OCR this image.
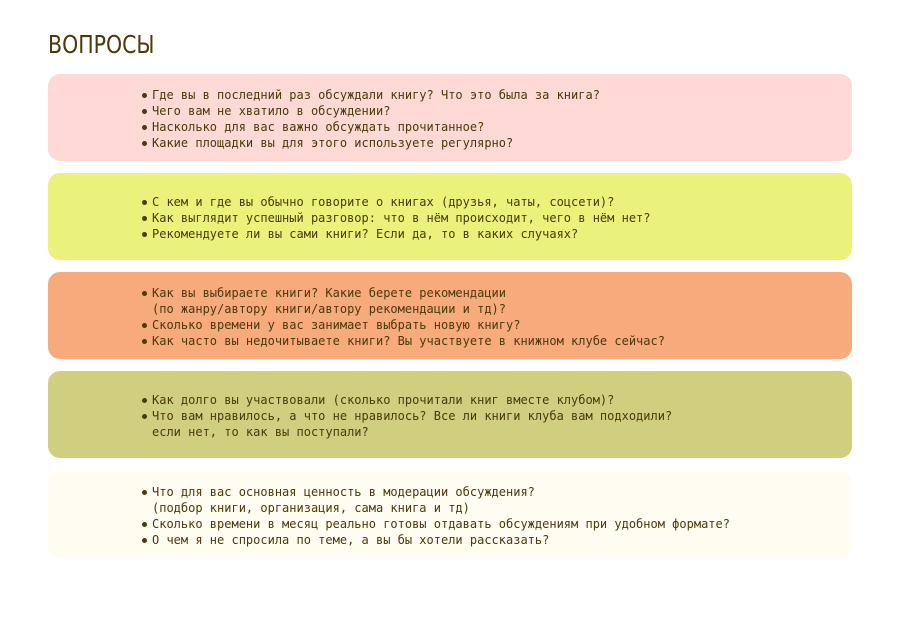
ВОПРОСЫ
Где вы в последний раз обсуждали книгу? Что это была за книга?
Чего вам не хватило в обсуждении?
Насколько для вас важно обсуждать прочитанное?
Какие площадки вы для этого используете регулярно?
С кем и где вы обычно говорите о книгах (друзья, чаты, соцсети)?
Как выглядит успешный разговор: что в нём происходит, чего в нём нет?
Рекомендуете ли вы сами книги? Если да, то в каких случаях?
Как вы выбираете книги? Какие берете рекомендации
(по жанру/автору книги/автору рекомендации и тд)?
Сколько времени у вас занимает выбрать новую книгу?
Как часто вы недочитываете книги? Вы участвуете в книжном клубе сейчас?
Как долго вы участвовали (сколько прочитали книг вместе клубом)?
Что вам нравилось, а что не нравилось? Все ли книги клуба вам подходили?
если нет, то как вы поступали?
Что для вас основная ценность в модерации обсуждения?
(подбор книги, организация, сама книга и тд)
Сколько времени в месяц реально готовы отдавать обсуждениям при удобном формате?
О чем я не спросила по теме, а вы бы хотели рассказать?
